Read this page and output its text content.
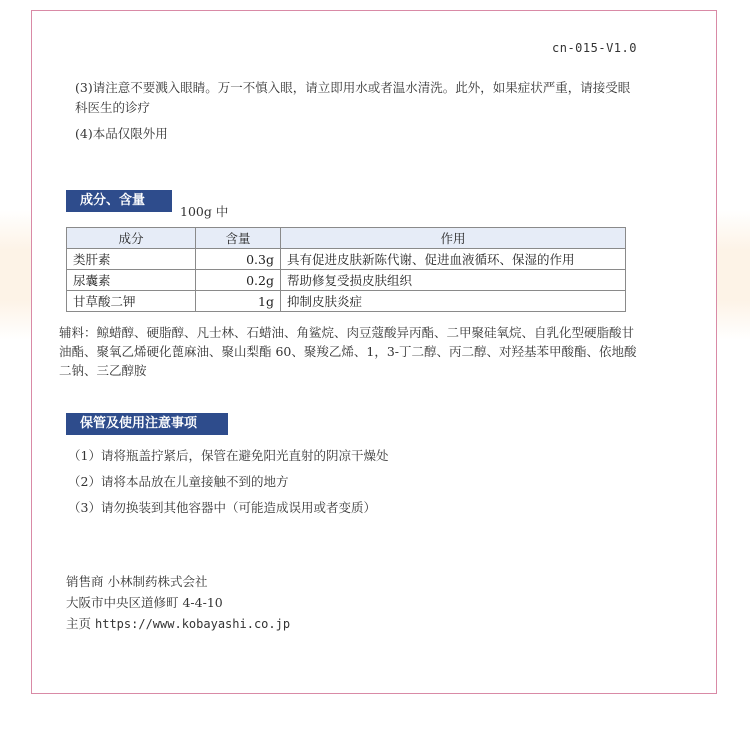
cn-015-V1.0
(3)请注意不要溅入眼睛。万一不慎入眼，请立即用水或者温水清洗。此外，如果症状严重，请接受眼科医生的诊疗
(4)本品仅限外用
成分、含量
100g 中
成分	含量	作用
类肝素	0.3g	具有促进皮肤新陈代谢、促进血液循环、保湿的作用
尿囊素	0.2g	帮助修复受损皮肤组织
甘草酸二钾	1g	抑制皮肤炎症
辅料：鲸蜡醇、硬脂醇、凡士林、石蜡油、角鲨烷、肉豆蔻酸异丙酯、二甲聚硅氧烷、自乳化型硬脂酸甘油酯、聚氧乙烯硬化蓖麻油、聚山梨酯 60、聚羧乙烯、1，3-丁二醇、丙二醇、对羟基苯甲酸酯、依地酸二钠、三乙醇胺
保管及使用注意事项
（1）请将瓶盖拧紧后，保管在避免阳光直射的阴凉干燥处
（2）请将本品放在儿童接触不到的地方
（3）请勿换装到其他容器中（可能造成误用或者变质）
销售商 小林制药株式会社
大阪市中央区道修町 4-4-10
主页 https://www.kobayashi.co.jp
